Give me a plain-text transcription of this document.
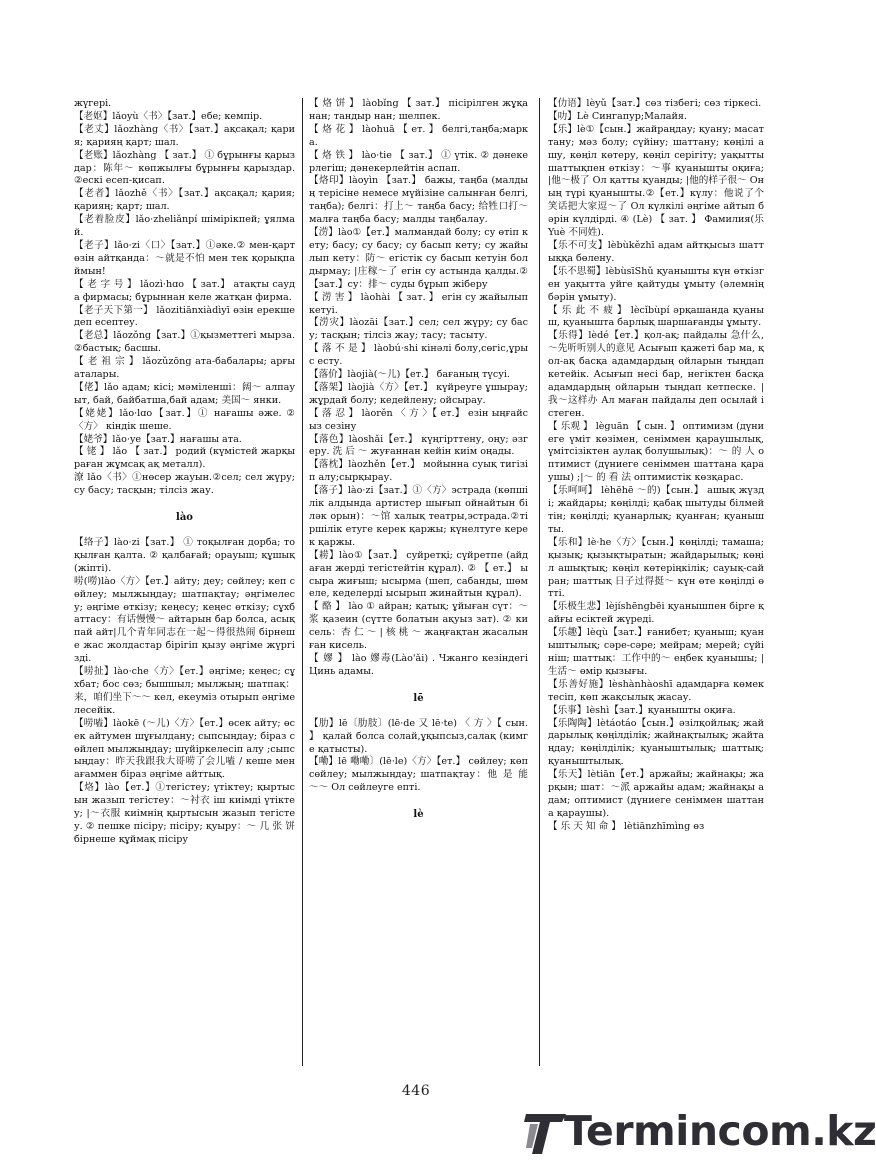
жүгері.

【老妪】lǎoyù〈书〉【зат.】ебе; кемпір.

【老丈】lǎozhàng〈书〉【зат.】ақсақал; қария; қарияң қарт; шал.

【老账】lǎozhàng 【 зат.】 ① бұрынғы қарыздар：陈年～ көпжылғы бұрынғы қарыздар.②ескі есеп-қисап.

【老者】lǎozhě〈书〉【зат.】ақсақал; қария; қарияң; қарт; шал.

【老着脸皮】lǎo·zheliǎnpí шімірікпей; ұялмай.

【老子】lǎo·zi〈口〉【зат.】①әке.② мен-қарт өзін айтқанда：～就是不怕 мен тек қорықпаймын!

【 老 字 号 】 lǎozì·hɑo 【 зат.】 атақты сауда фирмасы; бұрыннан келе жатқан фирма.

【老子天下第一】 lǎozitiānxiàdìyī өзін ерекше деп есептеу.

【老总】lǎozǒng【зат.】①қызметтегі мырза.②бастық; басшы.

【 老 祖 宗 】 lǎozǔzōng ата-бабалары; арғы аталары.

【佬】lǎo адам; кісі; мәміленші：阔～ алпауыт, бай, байбатша,бай адам; 美国～ янки.

【姥姥】lǎo·lɑo【зат.】① нағашы әже. ②〈方〉 кіндік шеше.

【姥爷】lǎo·ye【зат.】нағашы ата.

【 铑 】 lǎo 【 зат.】 родий (күмістей жарқыраған жұмсақ ақ металл).

潦 lǎo〈书〉①нөсер жауын.②сел; сел жүру; су басу; тасқын; тілсіз жау.

lào

【络子】lào·zi【зат.】 ① тоқылған дорба; тоқылған қалта. ② қалбағай; орауыш; құшық (жіпті).

唠(嘮)lào〈方〉【ет.】айту; деу; сөйлеу; кеп сөйлеу; мылжыңдау; шатпақтау; әңгімелесу; әңгіме өткізу; кеңесу; кеңес өткізу; сұхбаттасу：有话慢慢～ айтарын бар болса, асықпай айт|几个青年同志在一起～得很热闹 бірнеше жас жолдастар бірігіп қызу әңгіме жүргізді.

【唠扯】lào·che〈方〉【ет.】әңгіме; кеңес; сұхбат; бос сөз; бышшыл; мылжың; шатпақ：来，咱们坐下～～ кел, екеуміз отырып әңгімелесейік.

【唠嗑】làokē (～儿)〈方〉【ет.】өсек айту; өсек айтумен шұғылдану; сыпсыңдау; біраз сөйлеп мылжыңдау; шүйіркелесіп алу ;сыпсыңдау：昨天我跟我大哥唠了会儿嗑 / кеше мен ағаммен біраз әңгіме айттық.

【烙】lào【ет.】①тегістеу; үтіктеу; қыртысын жазып тегістеу：～衬衣 іш киімді үтіктеу; |～衣服 киімнің қыртысын жазып тегістеу. ② пешке пісіру; пісіру; қуыру：～ 几 张 饼 бірнеше құймақ пісіру

【 烙 饼 】 làobǐng 【 зат.】 пісірілген жұқа нан; тандыр нан; шелпек.

【 烙 花 】 làohuā 【 ет. 】 белгі,таңба;марка.

【 烙 铁 】 lào·tie 【 зат.】 ① үтік. ② дәнекерлегіш; дәнекерлейтін аспап.

【烙印】làoyìn 【зат.】 бажы, таңба (малдың терісіне немесе мүйізіне салынған белгі, таңба); белгі：打上～ таңба басу; 给牲口打～малға таңба басу; малды таңбалау.

【涝】lào①【ет.】малмандай болу; су өтіп кету; басу; су басу; су басып кету; су жайылып кету：防～ егістік су басып кетуін болдырмау; |庄稼～了 егін су астында қалды.②【зат.】су：排～ суды бұрып жіберу

【 涝 害 】 làohài 【 зат. 】 егін су жайылып кетуі.

【涝灾】làozāi【зат.】сел; сел жүру; су басу; тасқын; тілсіз жау; тасу; тасыту.

【 落 不 是 】 làobú·shi кінәлі болу,сөгіс,ұрыс есту.

【落价】làojià(～儿)【ет.】 бағаның түсуі.

【落架】làojià〈方〉【ет.】 күйреуге ұшырау; жұрдай болу; кедейлену; ойсырау.

【 落 忍 】 làorěn 〈 方 〉【 ет.】 езін ыңғайсыз сезіну

【落色】làoshǎi【ет.】 күңгірттену, оңу; әзгеру. 洗 后 ～ жуғаннан кейін киім оңады.

【落枕】làozhěn【ет.】 мойынна суық тигізіп алу;сырқырау.

【落子】lào·zi【зат.】①〈方〉эстрада (көпшілік алдында артистер шығып ойнайтын біләк орын)：～馆 халық театры,эстрада.②тіршілік етуге керек қаржы; күнелтуге керек қаржы.

【耢】lào①【зат.】 суйретқі; сүйретпе (айдаған жерді тегістейтін құрал). ② 【 ет.】 ысыра жиғыш; ысырма (шеп, сабанды, шөмеле, кеделерді ысырып жинайтын құрал).

【 酪 】 lào ① айран; қатық; ұйыған сүт：～浆 қазеин (сүтте болатын ақуыз зат). ② кисель：杏 仁 ～ | 核 桃 ～ жаңғақтан жасалынған кисель.

【 嫪 】 lào 嫪毒(Lào'ǎi) . Чжанго кезіндегі Цинь адамы.

lē

【肋】lē〔肋肢〕(lē·de 又 lē·te) 〈 方 〉【 сын. 】 қалай болса солай,ұқыпсыз,салақ (кимге қатысты).

【嘞】lē 嘞嘞〕(lē·le)〈方〉【ет.】 сөйлеу; көп сөйлеу; мылжыңдау; шатпақтау：他 是 能 ～～ Ол сөйлеуге епті.

lè

【仂语】lèyǔ【зат.】сөз тізбегі; сөз тіркесі.

【叻】Lè Сингапур;Малайя.

【乐】lè①【сын.】жайраңдау; қуану; масаттану; мәз болу; сүйіну; шаттану; көңілі ашу, көңіл көтеру, көңіл серігіту; уақытты шаттықпен өткізу：～事 қуанышты оқиға; |他～极了 Ол қатты қуанды; |他的样子很～ Оның түрі қуанышты.②【ет.】күлу：他说了个笑话把大家逗～了 Ол күлкілі әңгіме айтып бәрін күлдірді. ④ (Lè) 【 зат. 】 Фамилия(乐 Yuè 不同姓).

【乐不可支】lèbùkězhī адам айтқысыз шаттыққа бөлену.

【乐不思蜀】lèbùsīShǔ қуанышты күн өткізген уақытта уйге қайтуды ұмыту (әлемнің бәрін ұмыту).

【 乐 此 不 疲 】 lècǐbùpí әрқашанда қуаныш, қуанышта барлық шаршағанды ұмыту.

【乐得】lèdé【ет.】қол-ақ; пайдалы 急什么,～先听听别人的意见 Асығып қажеті бар ма, қол-ақ басқа адамдардың ойларын тыңдап кетейік. Асығып несі бар, негіктен басқа адамдардың ойларын тыңдап кетпеске. |我～这样办 Ал маған пайдалы деп осылай істеген.

【 乐观 】 lèguān 【 сын. 】 оптимизм (дүниеге үміт көзімен, сеніммен қараушылық, үмітсізіктен аулақ болушылық)：～ 的 人 оптимист (дүниеге сеніммен шаттана қараушы) ;|～ 的 看 法 оптимистік көзқарас.

【乐呵呵】 lèhēhē ～的)【сын.】 ашық жүзді; жайдары; көңілді; қабақ шытуды білмейтін; көңілді; қуанарлық; қуанған; қуанышты.

【乐和】lè·he〈方〉【сын.】көңілді; тамаша; қызық; қызықтыратын; жайдарылық; көңіл ашықтық; көңіл көтеріңкілік; сауық-сайран; шаттық 日子过得挺～ күн өте көңілді өтті.

【乐极生悲】lèjíshēngbēi қуанышпен бірге қайғы есіктей жүреді.

【乐趣】lèqù【зат.】ғанибет; қуаныш; қуаныштылық; сәре-сәре; мейрам; мерей; сүйініш; шаттық：工作中的～ еңбек қуанышы; |生活～ өмір қызығы.

【乐善好施】lèshànhàoshī адамдарға көмектесіп, көп жақсылық жасау.

【乐事】lèshì【зат.】қуанышты оқиға.

【乐陶陶】lètáotáo【сын.】әзілқойлық; жайдарылық көңілділік; жайнақтылық; жайтаңдау; көңілділік; қуаныштылық; шаттық; қуаныштылық.

【乐天】lètiān【ет.】аржайы; жайнақы; жарқын; шат：～派 аржайы адам; жайнақы адам; оптимист (дүниеге сеніммен шаттана қараушы).

【 乐 天 知 命 】 lètiānzhīmìng өз

446
Termincom.kz
